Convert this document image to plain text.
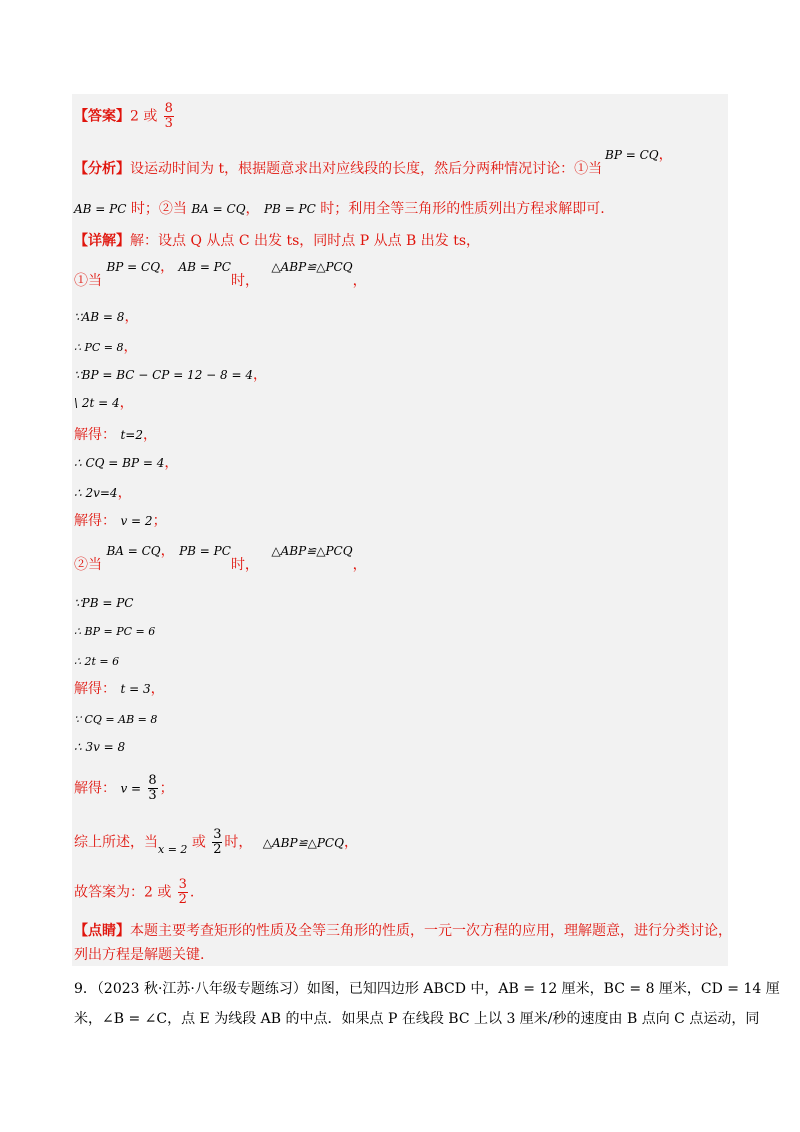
【答案】2 或 $\frac{8}{3}$
【分析】设运动时间为 t，根据题意求出对应线段的长度，然后分两种情况讨论：①当
BP = CQ，
AB = PC 时；②当 BA = CQ， PB = PC 时；利用全等三角形的性质列出方程求解即可.
【详解】解：设点 Q 从点 C 出发 ts，同时点 P 从点 B 出发 ts，
①当 BP = CQ， AB = PC时， △ABP≌△PCQ，
∵AB = 8，
∴ PC = 8，
∵BP = BC − CP = 12 − 8 = 4，
\ 2t = 4，
解得： t=2，
∴ CQ = BP = 4，
∴ 2v=4，
解得： v = 2；
②当 BA = CQ， PB = PC时， △ABP≌△PCQ，
∵PB = PC
∴ BP = PC = 6
∴ 2t = 6
解得： t = 3，
∵ CQ = AB = 8
∴ 3v = 8
解得： $v = \frac{8}{3}$ ；
综上所述，当$_{x = 2}$ 或 $\frac{3}{2}$ 时， △ABP≌△PCQ，
故答案为：2 或 $\frac{3}{2}$ .
【点睛】本题主要考查矩形的性质及全等三角形的性质，一元一次方程的应用，理解题意，进行分类讨论，
列出方程是解题关键.
9．（2023 秋·江苏·八年级专题练习）如图，已知四边形 ABCD 中，AB = 12 厘米，BC = 8 厘米，CD = 14 厘
米，∠B = ∠C，点 E 为线段 AB 的中点．如果点 P 在线段 BC 上以 3 厘米/秒的速度由 B 点向 C 点运动，同
